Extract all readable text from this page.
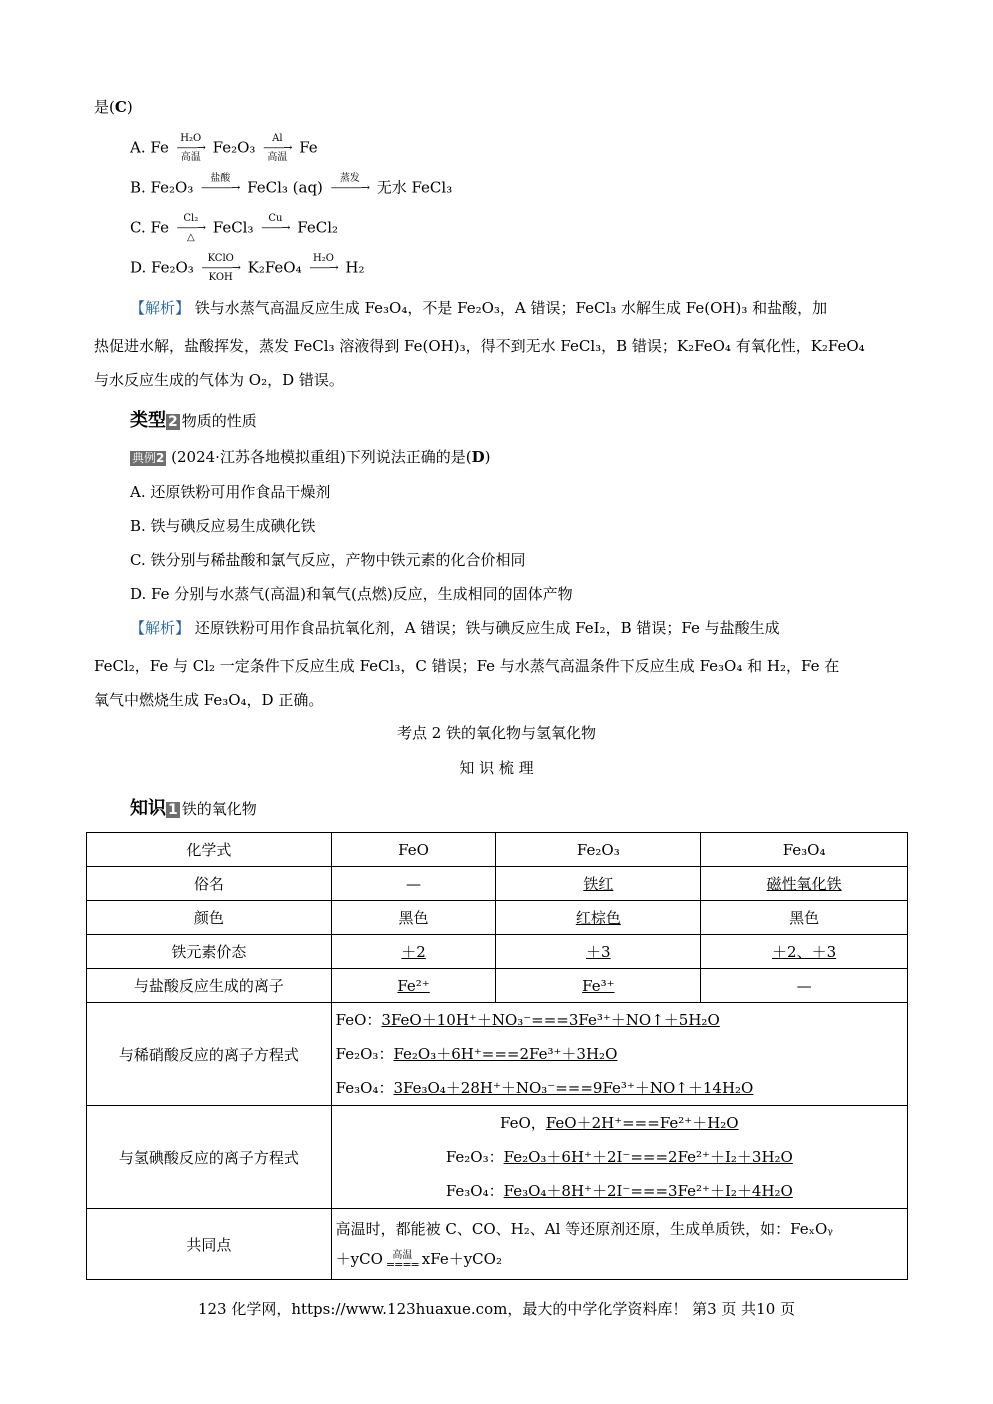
是(C)
A. Fe	H₂O
——→
高温
Fe₂O₃	Al
——→
高温
Fe
B. Fe₂O₃	盐酸
———→
FeCl₃ (aq)	蒸发
———→
无水 FeCl₃
C. Fe	Cl₂
——→
△
FeCl₃	Cu
——→
FeCl₂
D. Fe₂O₃	KClO
———→
KOH
K₂FeO₄	H₂O
——→
H₂
【解析】 铁与水蒸气高温反应生成 Fe₃O₄，不是 Fe₂O₃，A 错误；FeCl₃ 水解生成 Fe(OH)₃ 和盐酸，加
热促进水解，盐酸挥发，蒸发 FeCl₃ 溶液得到 Fe(OH)₃，得不到无水 FeCl₃，B 错误；K₂FeO₄ 有氧化性，K₂FeO₄
与水反应生成的气体为 O₂，D 错误。
类型 2 物质的性质
典例2 (2024·江苏各地模拟重组)下列说法正确的是(D)
A. 还原铁粉可用作食品干燥剂
B. 铁与碘反应易生成碘化铁
C. 铁分别与稀盐酸和氯气反应，产物中铁元素的化合价相同
D. Fe 分别与水蒸气(高温)和氧气(点燃)反应，生成相同的固体产物
【解析】 还原铁粉可用作食品抗氧化剂，A 错误；铁与碘反应生成 FeI₂，B 错误；Fe 与盐酸生成
FeCl₂，Fe 与 Cl₂ 一定条件下反应生成 FeCl₃，C 错误；Fe 与水蒸气高温条件下反应生成 Fe₃O₄ 和 H₂，Fe 在
氧气中燃烧生成 Fe₃O₄，D 正确。
考点 2 铁的氧化物与氢氧化物
知 识 梳 理
知识 1 铁的氧化物
化学式	FeO	Fe₂O₃	Fe₃O₄
俗名	—	铁红	磁性氧化铁
颜色	黑色	红棕色	黑色
铁元素价态	＋2	＋3	＋2、＋3
与盐酸反应生成的离子	Fe²⁺	Fe³⁺	—
与稀硝酸反应的离子方程式	FeO：3FeO＋10H⁺＋NO₃⁻===3Fe³⁺＋NO↑＋5H₂O
Fe₂O₃：Fe₂O₃＋6H⁺===2Fe³⁺＋3H₂O
Fe₃O₄：3Fe₃O₄＋28H⁺＋NO₃⁻===9Fe³⁺＋NO↑＋14H₂O		

与氢碘酸反应的离子方程式	FeO，FeO＋2H⁺===Fe²⁺＋H₂O
Fe₂O₃：Fe₂O₃＋6H⁺＋2I⁻===2Fe²⁺＋I₂＋3H₂O
Fe₃O₄：Fe₃O₄＋8H⁺＋2I⁻===3Fe²⁺＋I₂＋4H₂O		

共同点	高温时，都能被 C、CO、H₂、Al 等还原剂还原，生成单质铁，如：FeₓOᵧ
＋yCO 高温
==== xFe＋yCO₂		
123 化学网，https://www.123huaxue.com，最大的中学化学资料库！ 第3 页 共10 页
